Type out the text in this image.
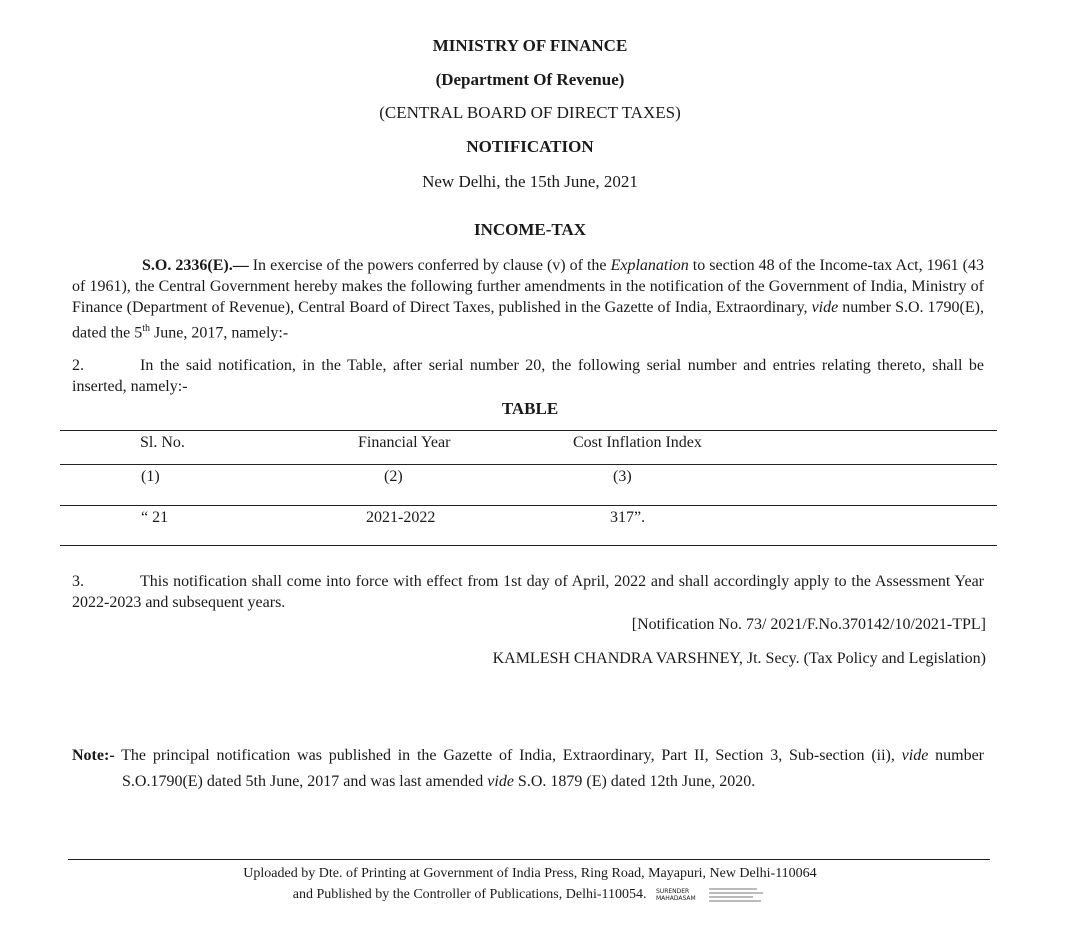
MINISTRY OF FINANCE
(Department Of Revenue)
(CENTRAL BOARD OF DIRECT TAXES)
NOTIFICATION
New Delhi, the 15th June, 2021
INCOME-TAX
S.O. 2336(E).— In exercise of the powers conferred by clause (v) of the Explanation to section 48 of the Income-tax Act, 1961 (43 of 1961), the Central Government hereby makes the following further amendments in the notification of the Government of India, Ministry of Finance (Department of Revenue), Central Board of Direct Taxes, published in the Gazette of India, Extraordinary, vide number S.O. 1790(E), dated the 5th June, 2017, namely:-
2.	In the said notification, in the Table, after serial number 20, the following serial number and entries relating thereto, shall be inserted, namely:-
TABLE
Sl. No.	Financial Year	Cost Inflation Index
(1)	(2)	(3)
“ 21	2021-2022	317”.
3.	This notification shall come into force with effect from 1st day of April, 2022 and shall accordingly apply to the Assessment Year 2022-2023 and subsequent years.
[Notification No. 73/ 2021/F.No.370142/10/2021-TPL]
KAMLESH CHANDRA VARSHNEY, Jt. Secy. (Tax Policy and Legislation)
Note:- The principal notification was published in the Gazette of India, Extraordinary, Part II, Section 3, Sub-section (ii), vide number S.O.1790(E) dated 5th June, 2017 and was last amended vide S.O. 1879 (E) dated 12th June, 2020.
Uploaded by Dte. of Printing at Government of India Press, Ring Road, Mayapuri, New Delhi-110064
and Published by the Controller of Publications, Delhi-110054. SURENDER
MAHADASAM
